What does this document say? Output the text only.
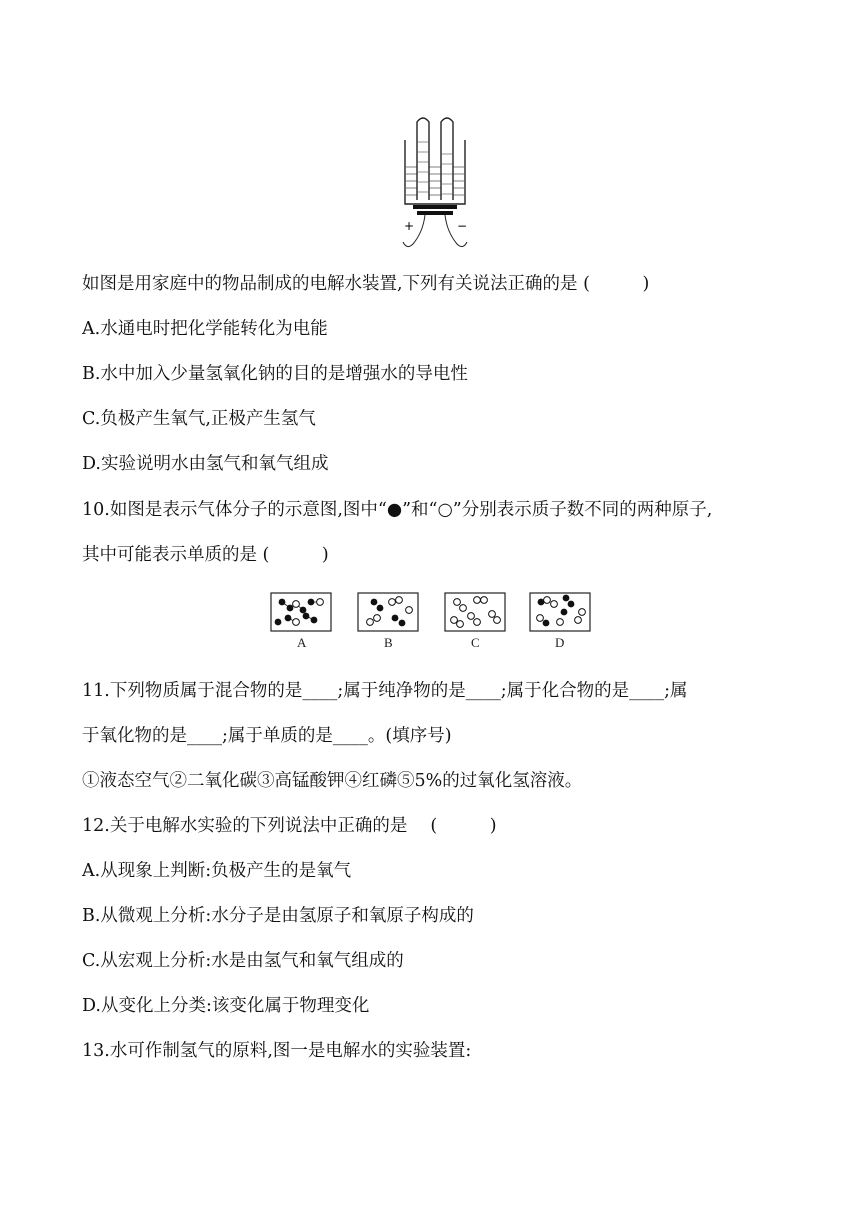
+	−
如图是用家庭中的物品制成的电解水装置,下列有关说法正确的是 (　　　)
A.水通电时把化学能转化为电能
B.水中加入少量氢氧化钠的目的是增强水的导电性
C.负极产生氧气,正极产生氢气
D.实验说明水由氢气和氧气组成
10.如图是表示气体分子的示意图,图中“●”和“○”分别表示质子数不同的两种原子,
其中可能表示单质的是 (　　　)
A	B	C	D
11.下列物质属于混合物的是____;属于纯净物的是____;属于化合物的是____;属
于氧化物的是____;属于单质的是____。(填序号)
①液态空气②二氧化碳③高锰酸钾④红磷⑤5%的过氧化氢溶液。
12.关于电解水实验的下列说法中正确的是　 (　　　)
A.从现象上判断:负极产生的是氧气
B.从微观上分析:水分子是由氢原子和氧原子构成的
C.从宏观上分析:水是由氢气和氧气组成的
D.从变化上分类:该变化属于物理变化
13.水可作制氢气的原料,图一是电解水的实验装置:
